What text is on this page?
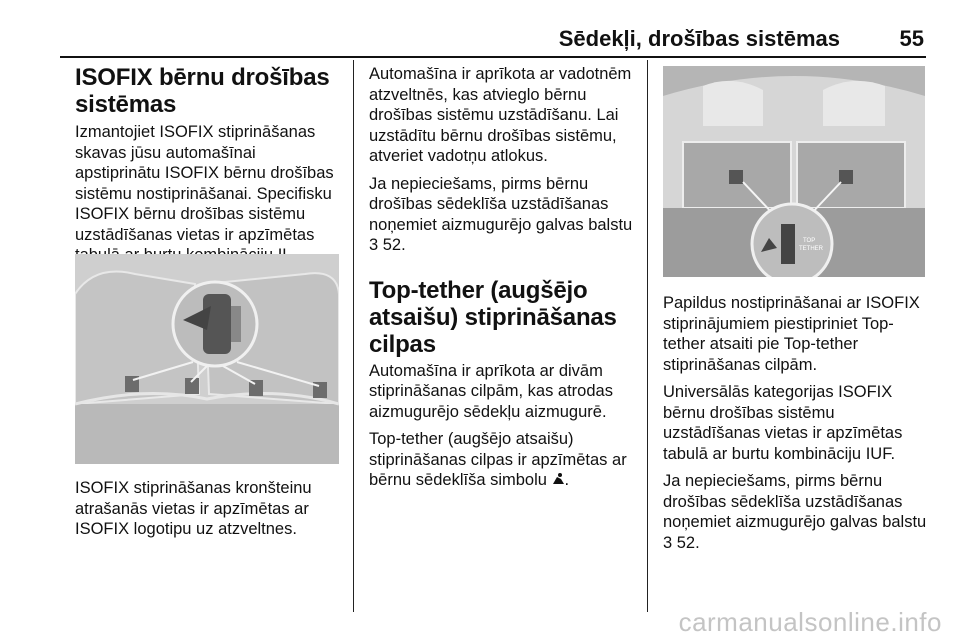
Sēdekļi, drošības sistēmas	55
ISOFIX bērnu drošības sistēmas

Izmantojiet ISOFIX stiprināšanas skavas jūsu automašīnai apstiprinātu ISOFIX bērnu drošības sistēmu nostiprināšanai. Specifisku ISOFIX bērnu drošības sistēmu uzstādīšanas vietas ir apzīmētas

ISOFIX stiprināšanas kronšteinu atrašanās vietas ir apzīmētas ar ISOFIX logotipu uz atzveltnes.

Automašīna ir aprīkota ar vadotnēm atzveltnēs, kas atvieglo bērnu drošības sistēmu uzstādīšanu. Lai uzstādītu bērnu drošības sistēmu, atveriet vadotņu atlokus.

Ja nepieciešams, pirms bērnu drošības sēdeklīša uzstādīšanas noņemiet aizmugurējo galvas balstu 3 52.

Top-tether (augšējo atsaišu) stiprināšanas cilpas

Automašīna ir aprīkota ar divām stiprināšanas cilpām, kas atrodas aizmugurējo sēdekļu aizmugurē.

Top-tether (augšējo atsaišu) stiprināšanas cilpas ir apzīmētas ar bērnu sēdeklīša simbolu .

TOP
TETHER

Papildus nostiprināšanai ar ISOFIX stiprinājumiem piestipriniet Top-tether atsaiti pie Top-tether stiprināšanas cilpām.

Universālās kategorijas ISOFIX bērnu drošības sistēmu uzstādīšanas vietas ir apzīmētas tabulā ar burtu kombināciju IUF.

Ja nepieciešams, pirms bērnu drošības sēdeklīša uzstādīšanas noņemiet aizmugurējo galvas balstu 3 52.

carmanualsonline.info
